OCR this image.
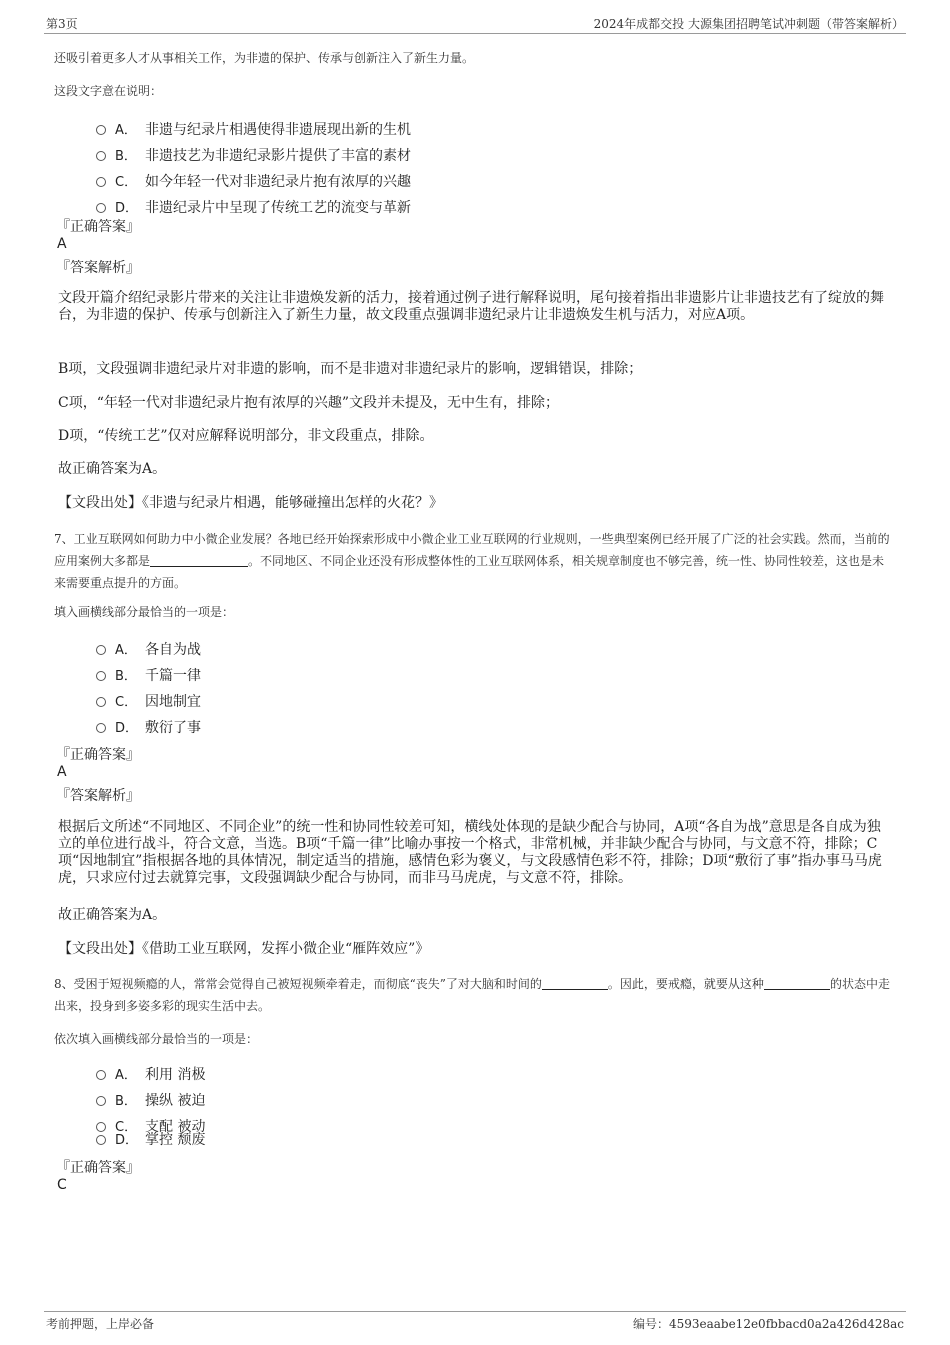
第3页	2024年成都交投 大源集团招聘笔试冲刺题（带答案解析）
还吸引着更多人才从事相关工作，为非遗的保护、传承与创新注入了新生力量。
这段文字意在说明：
A． 非遗与纪录片相遇使得非遗展现出新的生机
B． 非遗技艺为非遗纪录影片提供了丰富的素材
C． 如今年轻一代对非遗纪录片抱有浓厚的兴趣
D． 非遗纪录片中呈现了传统工艺的流变与革新
『正确答案』
A
『答案解析』
文段开篇介绍纪录影片带来的关注让非遗焕发新的活力，接着通过例子进行解释说明，尾句接着指出非遗影片让非遗技艺有了绽放的舞台，为非遗的保护、传承与创新注入了新生力量，故文段重点强调非遗纪录片让非遗焕发生机与活力，对应A项。
B项，文段强调非遗纪录片对非遗的影响，而不是非遗对非遗纪录片的影响，逻辑错误，排除；
C项，“年轻一代对非遗纪录片抱有浓厚的兴趣”文段并未提及，无中生有，排除；
D项，“传统工艺”仅对应解释说明部分，非文段重点，排除。
故正确答案为A。
【文段出处】《非遗与纪录片相遇，能够碰撞出怎样的火花？》
7、工业互联网如何助力中小微企业发展？各地已经开始探索形成中小微企业工业互联网的行业规则，一些典型案例已经开展了广泛的社会实践。然而，当前的应用案例大多都是	。不同地区、不同企业还没有形成整体性的工业互联网体系，相关规章制度也不够完善，统一性、协同性较差，这也是未来需要重点提升的方面。
填入画横线部分最恰当的一项是：
A． 各自为战
B． 千篇一律
C． 因地制宜
D． 敷衍了事
『正确答案』
A
『答案解析』
根据后文所述“不同地区、不同企业”的统一性和协同性较差可知，横线处体现的是缺少配合与协同，A项“各自为战”意思是各自成为独立的单位进行战斗，符合文意，当选。B项“千篇一律”比喻办事按一个格式，非常机械，并非缺少配合与协同，与文意不符，排除；C项“因地制宜”指根据各地的具体情况，制定适当的措施，感情色彩为褒义，与文段感情色彩不符，排除；D项“敷衍了事”指办事马马虎虎，只求应付过去就算完事，文段强调缺少配合与协同，而非马马虎虎，与文意不符，排除。
故正确答案为A。
【文段出处】《借助工业互联网，发挥小微企业“雁阵效应”》
8、受困于短视频瘾的人，常常会觉得自己被短视频牵着走，而彻底“丧失”了对大脑和时间的	。因此，要戒瘾，就要从这种	的状态中走出来，投身到多姿多彩的现实生活中去。
依次填入画横线部分最恰当的一项是：
A． 利用 消极
B． 操纵 被迫
C． 支配 被动
D． 掌控 颓废
『正确答案』
C
考前押题，上岸必备	编号：4593eaabe12e0fbbacd0a2a426d428ac
